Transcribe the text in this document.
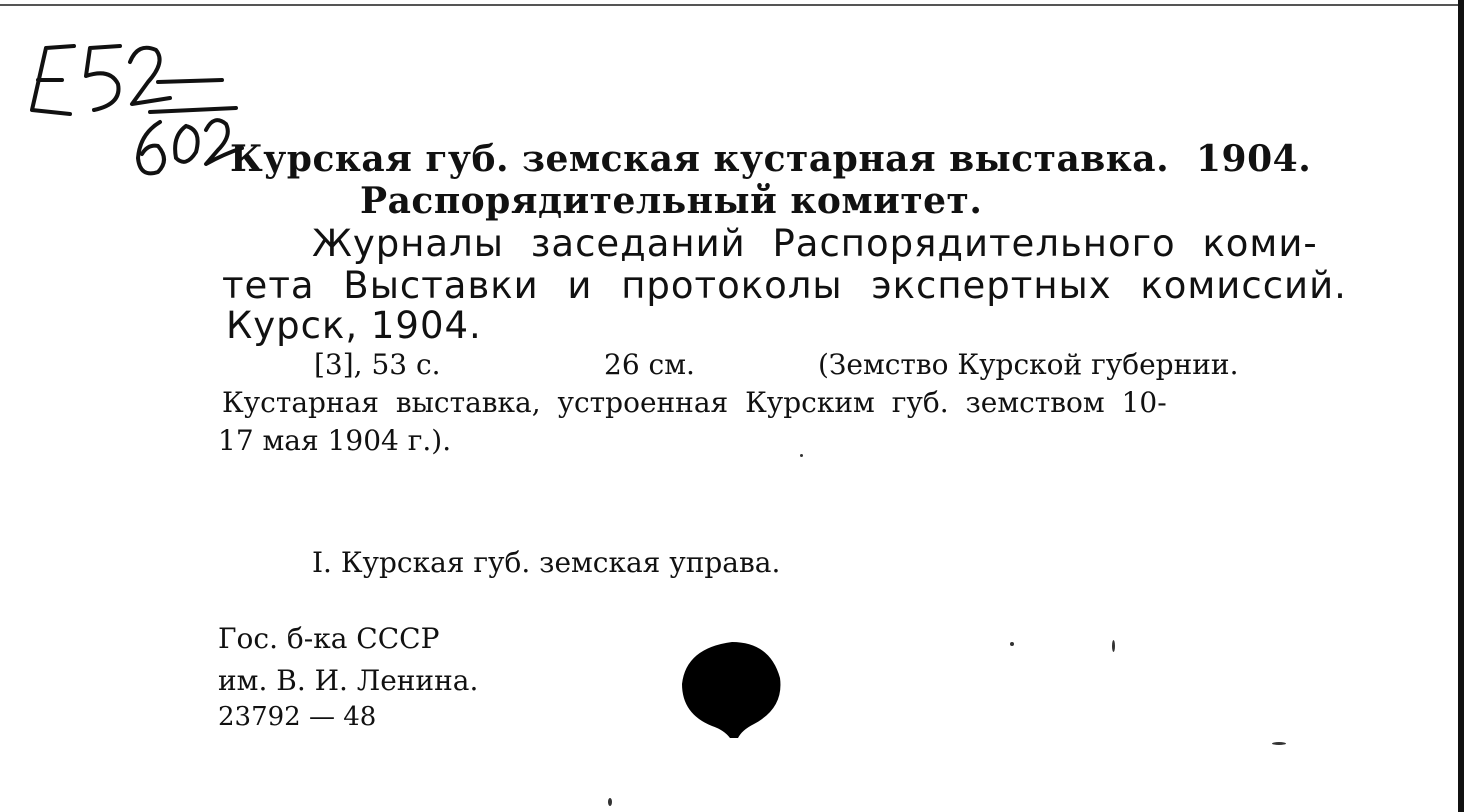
Курская губ. земская кустарная выставка. 1904.
Распорядительный комитет.
Журналы заседаний Распорядительного коми-
тета Выставки и протоколы экспертных комиссий.
Курск, 1904.
[3], 53 с.	26 см.	(Земство Курской губернии.
Кустарная выставка, устроенная Курским губ. земством 10-
17 мая 1904 г.).
I. Курская губ. земская управа.
Гос. б-ка СССР
им. В. И. Ленина.
23792 — 48
